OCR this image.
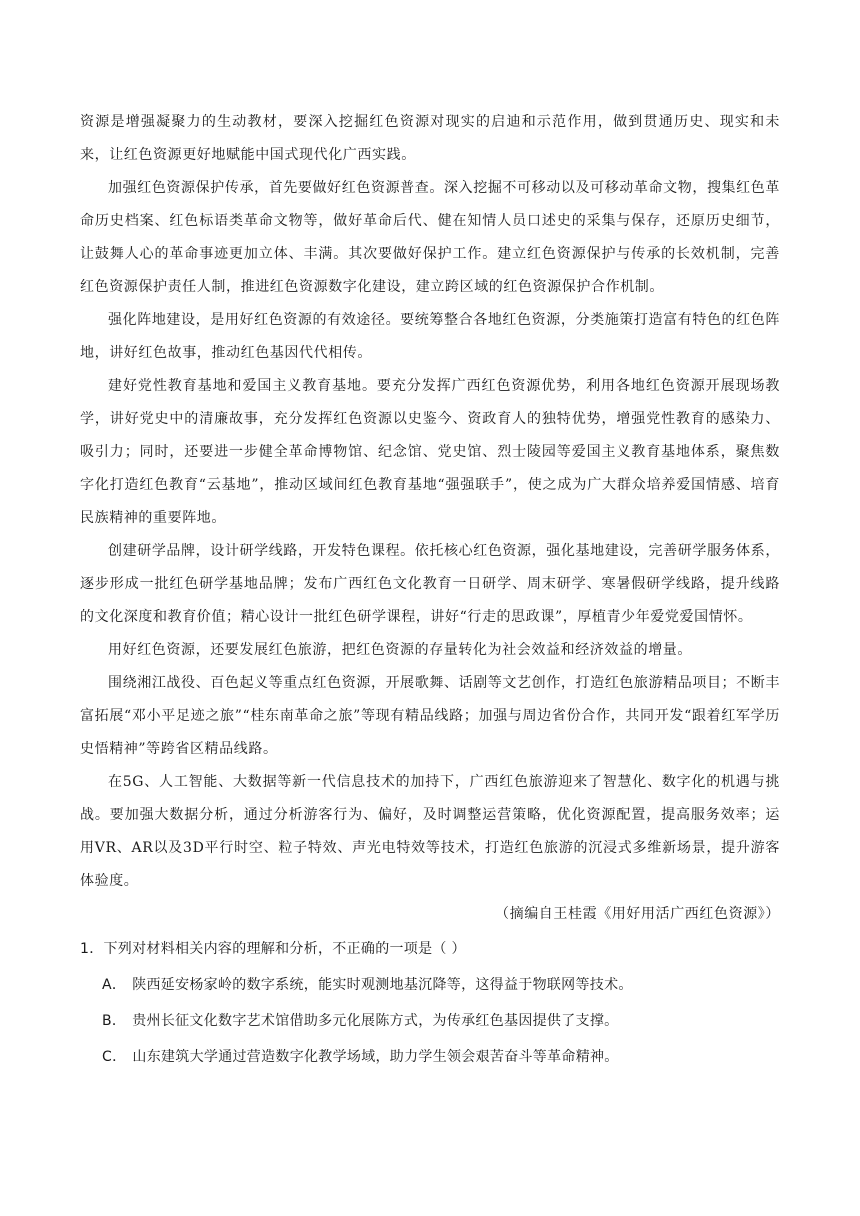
资源是增强凝聚力的生动教材，要深入挖掘红色资源对现实的启迪和示范作用，做到贯通历史、现实和未来，让红色资源更好地赋能中国式现代化广西实践。

加强红色资源保护传承，首先要做好红色资源普查。深入挖掘不可移动以及可移动革命文物，搜集红色革命历史档案、红色标语类革命文物等，做好革命后代、健在知情人员口述史的采集与保存，还原历史细节，让鼓舞人心的革命事迹更加立体、丰满。其次要做好保护工作。建立红色资源保护与传承的长效机制，完善红色资源保护责任人制，推进红色资源数字化建设，建立跨区域的红色资源保护合作机制。

强化阵地建设，是用好红色资源的有效途径。要统筹整合各地红色资源，分类施策打造富有特色的红色阵地，讲好红色故事，推动红色基因代代相传。

建好党性教育基地和爱国主义教育基地。要充分发挥广西红色资源优势，利用各地红色资源开展现场教学，讲好党史中的清廉故事，充分发挥红色资源以史鉴今、资政育人的独特优势，增强党性教育的感染力、吸引力；同时，还要进一步健全革命博物馆、纪念馆、党史馆、烈士陵园等爱国主义教育基地体系，聚焦数字化打造红色教育“云基地”，推动区域间红色教育基地“强强联手”，使之成为广大群众培养爱国情感、培育民族精神的重要阵地。

创建研学品牌，设计研学线路，开发特色课程。依托核心红色资源，强化基地建设，完善研学服务体系，逐步形成一批红色研学基地品牌；发布广西红色文化教育一日研学、周末研学、寒暑假研学线路，提升线路的文化深度和教育价值；精心设计一批红色研学课程，讲好“行走的思政课”，厚植青少年爱党爱国情怀。

用好红色资源，还要发展红色旅游，把红色资源的存量转化为社会效益和经济效益的增量。

围绕湘江战役、百色起义等重点红色资源，开展歌舞、话剧等文艺创作，打造红色旅游精品项目；不断丰富拓展“邓小平足迹之旅”“桂东南革命之旅”等现有精品线路；加强与周边省份合作，共同开发“跟着红军学历史悟精神”等跨省区精品线路。

在5G、人工智能、大数据等新一代信息技术的加持下，广西红色旅游迎来了智慧化、数字化的机遇与挑战。要加强大数据分析，通过分析游客行为、偏好，及时调整运营策略，优化资源配置，提高服务效率；运用VR、AR以及3D平行时空、粒子特效、声光电特效等技术，打造红色旅游的沉浸式多维新场景，提升游客体验度。

（摘编自王桂霞《用好用活广西红色资源》）

1．下列对材料相关内容的理解和分析，不正确的一项是（ ）

A． 陕西延安杨家岭的数字系统，能实时观测地基沉降等，这得益于物联网等技术。
B． 贵州长征文化数字艺术馆借助多元化展陈方式，为传承红色基因提供了支撑。
C． 山东建筑大学通过营造数字化教学场域，助力学生领会艰苦奋斗等革命精神。
